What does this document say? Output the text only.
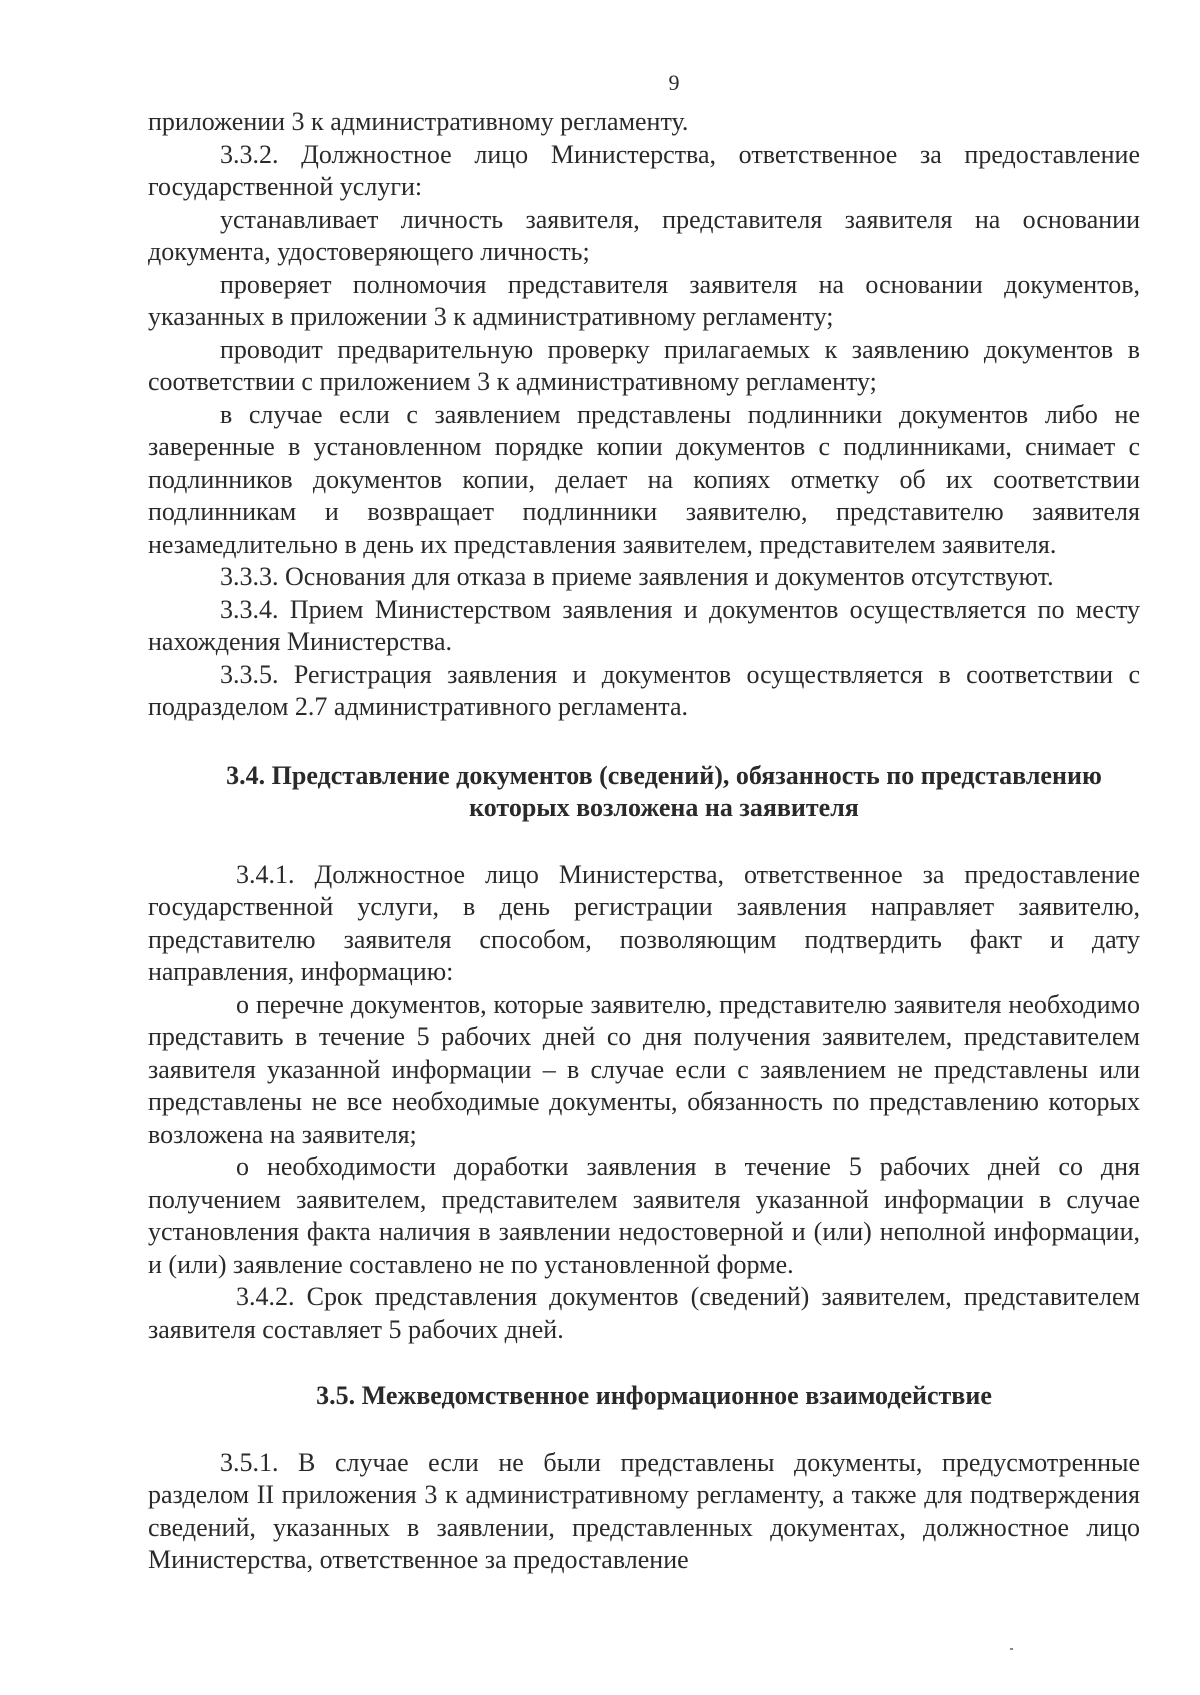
9

приложении 3 к административному регламенту.

3.3.2. Должностное лицо Министерства, ответственное за предоставление государственной услуги:

устанавливает личность заявителя, представителя заявителя на основании документа, удостоверяющего личность;

проверяет полномочия представителя заявителя на основании документов, указанных в приложении 3 к административному регламенту;

проводит предварительную проверку прилагаемых к заявлению документов в соответствии с приложением 3 к административному регламенту;

в случае если с заявлением представлены подлинники документов либо не заверенные в установленном порядке копии документов с подлинниками, снимает с подлинников документов копии, делает на копиях отметку об их соответствии подлинникам и возвращает подлинники заявителю, представителю заявителя незамедлительно в день их представления заявителем, представителем заявителя.

3.3.3. Основания для отказа в приеме заявления и документов отсутствуют.

3.3.4. Прием Министерством заявления и документов осуществляется по месту нахождения Министерства.

3.3.5. Регистрация заявления и документов осуществляется в соответствии с подразделом 2.7 административного регламента.

3.4. Представление документов (сведений), обязанность по представлению которых возложена на заявителя

3.4.1. Должностное лицо Министерства, ответственное за предоставление государственной услуги, в день регистрации заявления направляет заявителю, представителю заявителя способом, позволяющим подтвердить факт и дату направления, информацию:

о перечне документов, которые заявителю, представителю заявителя необходимо представить в течение 5 рабочих дней со дня получения заявителем, представителем заявителя указанной информации – в случае если с заявлением не представлены или представлены не все необходимые документы, обязанность по представлению которых возложена на заявителя;

о необходимости доработки заявления в течение 5 рабочих дней со дня получением заявителем, представителем заявителя указанной информации в случае установления факта наличия в заявлении недостоверной и (или) неполной информации, и (или) заявление составлено не по установленной форме.

3.4.2. Срок представления документов (сведений) заявителем, представителем заявителя составляет 5 рабочих дней.

3.5. Межведомственное информационное взаимодействие

3.5.1. В случае если не были представлены документы, предусмотренные разделом II приложения 3 к административному регламенту, а также для подтверждения сведений, указанных в заявлении, представленных документах, должностное лицо Министерства, ответственное за предоставление
